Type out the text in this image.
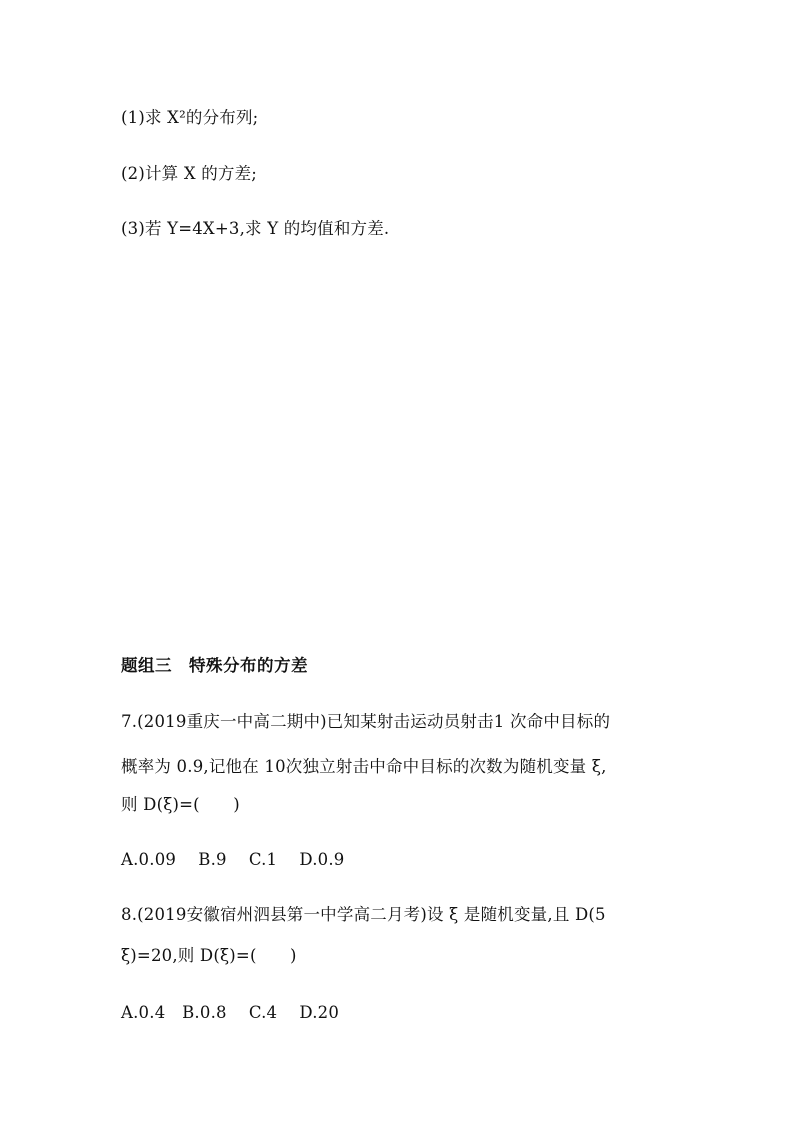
(1)求 X²的分布列;
(2)计算 X 的方差;
(3)若 Y=4X+3,求 Y 的均值和方差.
题组三　特殊分布的方差
7.(2019重庆一中高二期中)已知某射击运动员射击1 次命中目标的
概率为 0.9,记他在 10次独立射击中命中目标的次数为随机变量 ξ,
则 D(ξ)=(　　)
A.0.09　 B.9　 C.1　 D.0.9
8.(2019安徽宿州泗县第一中学高二月考)设 ξ 是随机变量,且 D(5
ξ)=20,则 D(ξ)=(　　)
A.0.4　B.0.8　 C.4　 D.20
